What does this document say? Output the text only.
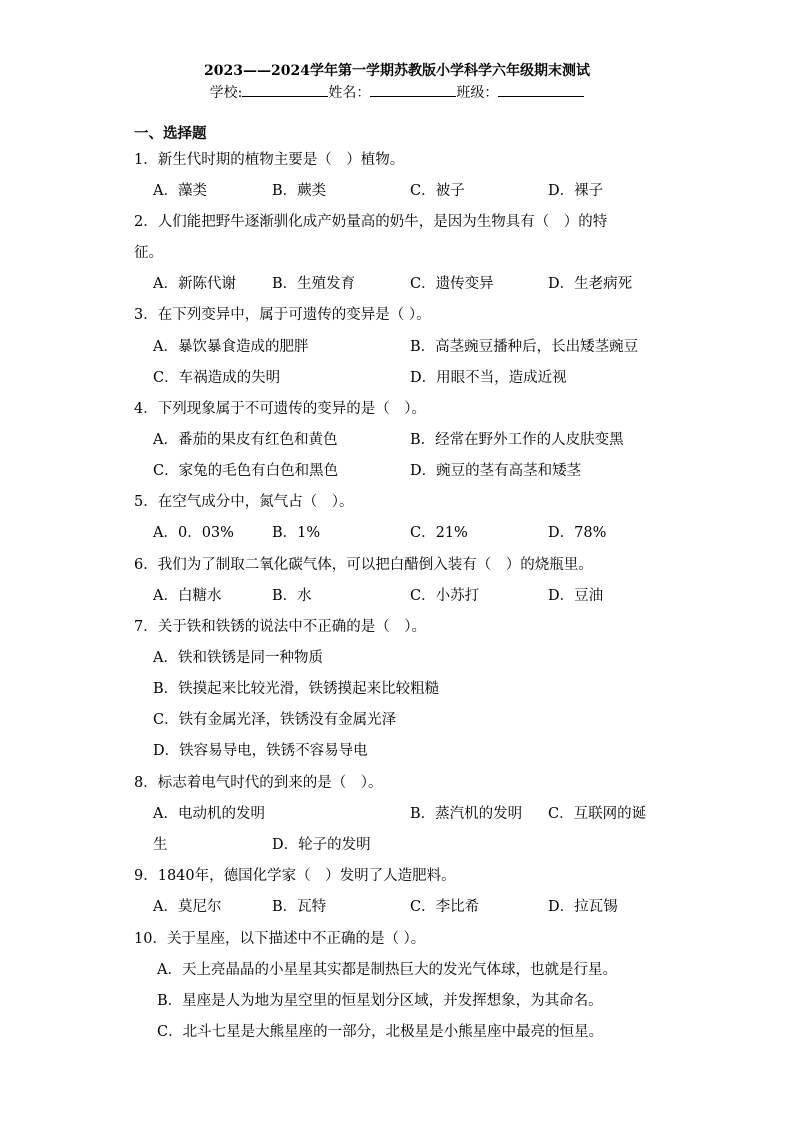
2023——2024学年第一学期苏教版小学科学六年级期末测试
学校:	姓名：	班级：
一、选择题
1．新生代时期的植物主要是（　）植物。
A．藻类	B．蕨类	C．被子	D．裸子
2．人们能把野牛逐渐驯化成产奶量高的奶牛，是因为生物具有（　）的特
征。
A．新陈代谢 B．生殖发育	C．遗传变异	D．生老病死
3．在下列变异中，属于可遗传的变异是（ ）。
A．暴饮暴食造成的肥胖	B．高茎豌豆播种后，长出矮茎豌豆
C．车祸造成的失明	D．用眼不当，造成近视
4．下列现象属于不可遗传的变异的是（　）。
A．番茄的果皮有红色和黄色	B．经常在野外工作的人皮肤变黑
C．家兔的毛色有白色和黑色	D．豌豆的茎有高茎和矮茎
5．在空气成分中，氮气占（　）。
A．0．03%	B．1%	C．21%	D．78%
6．我们为了制取二氧化碳气体，可以把白醋倒入装有（　）的烧瓶里。
A．白糖水	B．水	C．小苏打	D．豆油
7．关于铁和铁锈的说法中不正确的是（　）。
A．铁和铁锈是同一种物质
B．铁摸起来比较光滑，铁锈摸起来比较粗糙
C．铁有金属光泽，铁锈没有金属光泽
D．铁容易导电，铁锈不容易导电
8．标志着电气时代的到来的是（　）。
A．电动机的发明	B．蒸汽机的发明 C．互联网的诞
生	D．轮子的发明
9．1840年，德国化学家（　）发明了人造肥料。
A．莫尼尔	B．瓦特	C．李比希	D．拉瓦锡
10．关于星座，以下描述中不正确的是（ ）。
A．天上亮晶晶的小星星其实都是制热巨大的发光气体球，也就是行星。
B．星座是人为地为星空里的恒星划分区域，并发挥想象，为其命名。
C．北斗七星是大熊星座的一部分，北极星是小熊星座中最亮的恒星。
